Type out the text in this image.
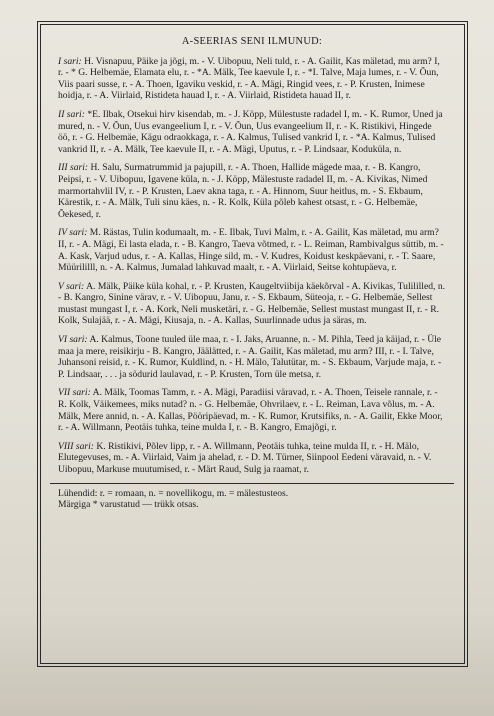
A-SEERIAS SENI ILMUNUD:

I sari: H. Visnapuu, Päike ja jõgi, m. - V. Uibopuu, Neli tuld, r. - A. Gailit, Kas mäletad, mu arm? I, r. - * G. Helbemäe, Elamata elu, r. - *A. Mälk, Tee kaevule I, r. - *I. Talve, Maja lumes, r. - V. Õun, Viis paari susse, r. - A. Thoen, Igaviku veskid, r. - A. Mägi, Ringid vees, r. - P. Krusten, Inimese hoidja, r. - A. Viirlaid, Ristideta hauad I, r. - A. Viirlaid, Ristideta hauad II, r.

II sari: *E. Ilbak, Otsekui hirv kisendab, m. - J. Köpp, Mülestuste radadel I, m. - K. Rumor, Uned ja mured, n. - V. Õun, Uus evangeelium I, r. - V. Õun, Uus evangeelium II, r. - K. Ristikivi, Hingede öö, r. - G. Helbemäe, Kägu odraokkaga, r. - A. Kalmus, Tulised vankrid I, r. - *A. Kalmus, Tulised vankrid II, r. - A. Mälk, Tee kaevule II, r. - A. Mägi, Uputus, r. - P. Lindsaar, Koduküla, n.

III sari: H. Salu, Surmatrummid ja pajupill, r. - A. Thoen, Hallide mägede maa, r. - B. Kangro, Peipsi, r. - V. Uibopuu, Igavene küla, n. - J. Köpp, Mälestuste radadel II, m. - A. Kivikas, Nimed marmortahvlil IV, r. - P. Krusten, Laev akna taga, r. - A. Hinnom, Suur heitlus, m. - S. Ekbaum, Kärestik, r. - A. Mälk, Tuli sinu käes, n. - R. Kolk, Küla põleb kahest otsast, r. - G. Helbemäe, Õekesed, r.

IV sari: M. Rästas, Tulin kodumaalt, m. - E. Ilbak, Tuvi Malm, r. - A. Gailit, Kas mäletad, mu arm? II, r. - A. Mägi, Ei lasta elada, r. - B. Kangro, Taeva võtmed, r. - L. Reiman, Rambivalgus süttib, m. - A. Kask, Varjud udus, r. - A. Kallas, Hinge sild, m. - V. Kudres, Koidust keskpäevani, r. - T. Saare, Müürililll, n. - A. Kalmus, Jumalad lahkuvad maalt, r. - A. Viirlaid, Seitse kohtupäeva, r.

V sari: A. Mälk, Päike küla kohal, r. - P. Krusten, Kaugeltviibija käekõrval - A. Kivikas, Tulililled, n. - B. Kangro, Sinine värav, r. - V. Uibopuu, Janu, r. - S. Ekbaum, Süteoja, r. - G. Helbemäe, Sellest mustast mungast I, r. - A. Kork, Neli musketäri, r. - G. Helbemäe, Sellest mustast mungast II, r. - R. Kolk, Sulajää, r. - A. Mägi, Kiusaja, n. - A. Kallas, Suurlinnade udus ja säras, m.

VI sari: A. Kalmus, Toone tuuled üle maa, r. - I. Jaks, Aruanne, n. - M. Pihla, Teed ja käijad, r. - Üle maa ja mere, reisikirju - B. Kangro, Jäälätted, r. - A. Gailit, Kas mäletad, mu arm? III, r. - I. Talve, Juhansoni reisid, r. - K. Rumor, Kuldlind, n. - H. Mälo, Talutütar, m. - S. Ekbaum, Varjude maja, r. - P. Lindsaar, . . . ja södurid laulavad, r. - P. Krusten, Torn üle metsa, r.

VII sari: A. Mälk, Toomas Tamm, r. - A. Mägi, Paradiisi väravad, r. - A. Thoen, Teisele rannale, r. - R. Kolk, Väikemees, miks nutad? n. - G. Helbemäe, Ohvrilaev, r. - L. Reiman, Lava võlus, m. - A. Mälk, Mere annid, n. - A. Kallas, Pööripäevad, m. - K. Rumor, Krutsifiks, n. - A. Gailit, Ekke Moor, r. - A. Willmann, Peotäis tuhka, teine mulda I, r. - B. Kangro, Emajõgi, r.

VIII sari: K. Ristikivi, Põlev lipp, r. - A. Willmann, Peotäis tuhka, teine mulda II, r. - H. Mälo, Elutegevuses, m. - A. Viirlaid, Vaim ja ahelad, r. - D. M. Türner, Siinpool Eedeni väravaid, n. - V. Uibopuu, Markuse muutumised, r. - Märt Raud, Sulg ja raamat, r.

Lühendid: r. = romaan, n. = novellikogu, m. = mälestusteos.

Märgiga * varustatud — trükk otsas.
